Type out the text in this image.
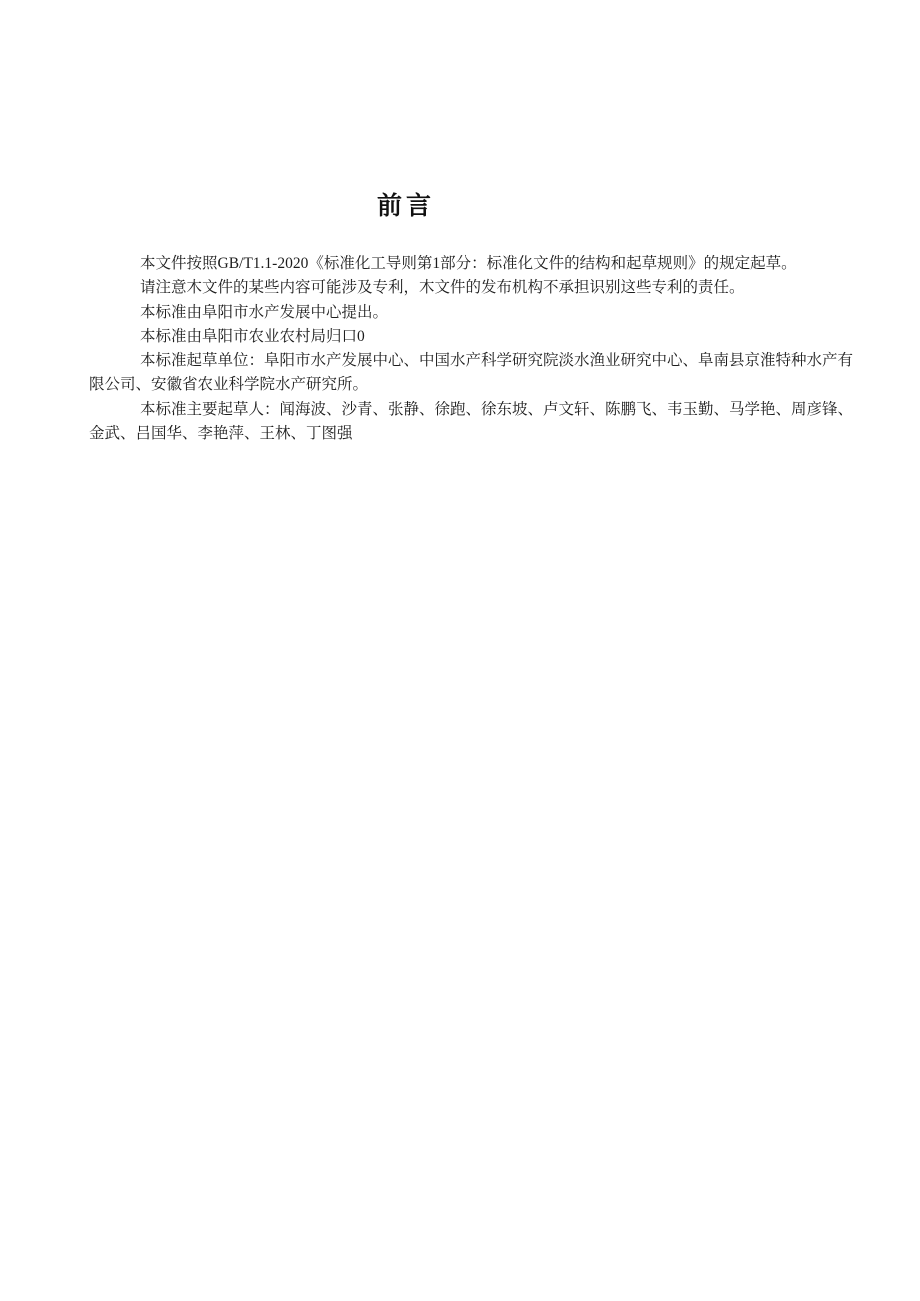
前言

本文件按照GB/T1.1-2020《标准化工导则第1部分：标准化文件的结构和起草规则》的规定起草。

请注意木文件的某些内容可能涉及专利，木文件的发布机构不承担识别这些专利的责任。

本标准由阜阳市水产发展中心提出。

本标准由阜阳市农业农村局归口0

本标准起草单位：阜阳市水产发展中心、中国水产科学研究院淡水渔业研究中心、阜南县京淮特种水产有限公司、安徽省农业科学院水产研究所。

本标准主要起草人：闻海波、沙青、张静、徐跑、徐东坡、卢文轩、陈鹏飞、韦玉勤、马学艳、周彦锋、金武、吕国华、李艳萍、王林、丁图强
